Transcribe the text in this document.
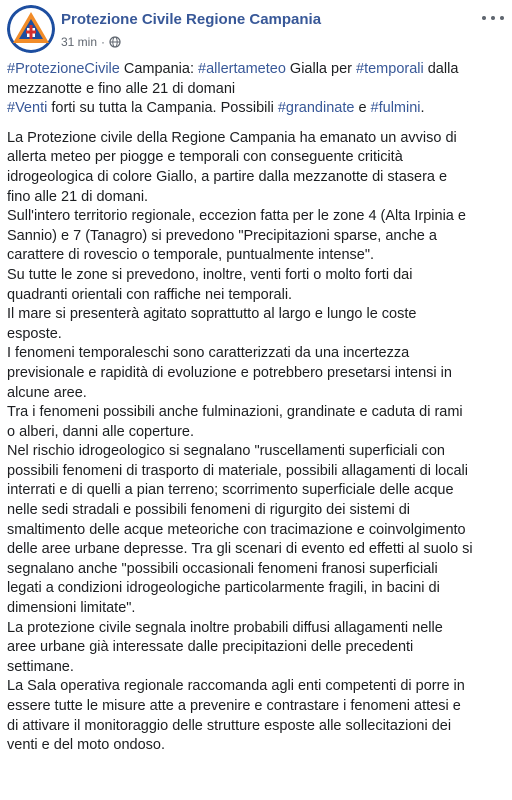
Protezione Civile Regione Campania
31 min ·
#ProtezioneCivile Campania: #allertameteo Gialla per #temporali dalla
mezzanotte e fino alle 21 di domani
#Venti forti su tutta la Campania. Possibili #grandinate e #fulmini.
La Protezione civile della Regione Campania ha emanato un avviso di
allerta meteo per piogge e temporali con conseguente criticità
idrogeologica di colore Giallo, a partire dalla mezzanotte di stasera e
fino alle 21 di domani.
Sull'intero territorio regionale, eccezion fatta per le zone 4 (Alta Irpinia e
Sannio) e 7 (Tanagro) si prevedono "Precipitazioni sparse, anche a
carattere di rovescio o temporale, puntualmente intense".
Su tutte le zone si prevedono, inoltre, venti forti o molto forti dai
quadranti orientali con raffiche nei temporali.
Il mare si presenterà agitato soprattutto al largo e lungo le coste
esposte.
I fenomeni temporaleschi sono caratterizzati da una incertezza
previsionale e rapidità di evoluzione e potrebbero presetarsi intensi in
alcune aree.
Tra i fenomeni possibili anche fulminazioni, grandinate e caduta di rami
o alberi, danni alle coperture.
Nel rischio idrogeologico si segnalano "ruscellamenti superficiali con
possibili fenomeni di trasporto di materiale, possibili allagamenti di locali
interrati e di quelli a pian terreno; scorrimento superficiale delle acque
nelle sedi stradali e possibili fenomeni di rigurgito dei sistemi di
smaltimento delle acque meteoriche con tracimazione e coinvolgimento
delle aree urbane depresse. Tra gli scenari di evento ed effetti al suolo si
segnalano anche "possibili occasionali fenomeni franosi superficiali
legati a condizioni idrogeologiche particolarmente fragili, in bacini di
dimensioni limitate".
La protezione civile segnala inoltre probabili diffusi allagamenti nelle
aree urbane già interessate dalle precipitazioni delle precedenti
settimane.
La Sala operativa regionale raccomanda agli enti competenti di porre in
essere tutte le misure atte a prevenire e contrastare i fenomeni attesi e
di attivare il monitoraggio delle strutture esposte alle sollecitazioni dei
venti e del moto ondoso.
